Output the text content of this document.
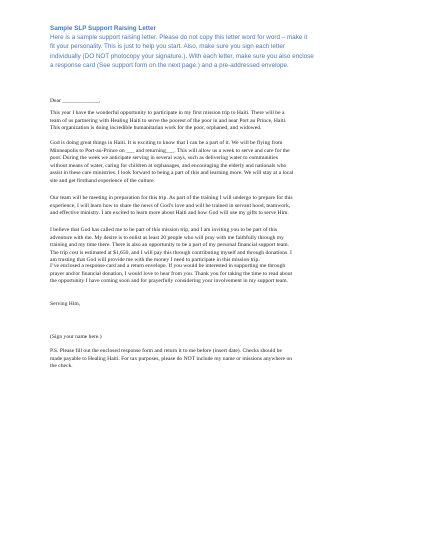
Sample SLP Support Raising Letter
Here is a sample support raising letter. Please do not copy this letter word for word – make it
fit your personality. This is just to help you start. Also, make sure you sign each letter
individually (DO NOT photocopy your signature.). With each letter, make sure you also enclose
a response card (See support form on the next page.) and a pre-addressed envelope.
Dear _____________,
This year I have the wonderful opportunity to participate in my first mission trip to Haiti. There will be a
team of us partnering with Healing Haiti to serve the poorest of the poor in and near Port au Prince, Haiti.
This organization is doing incredible humanitarian work for the poor, orphaned, and widowed.
God is doing great things in Haiti. It is exciting to know that I can be a part of it. We will be flying from
Minneapolis to Port-au-Prince on ___ and returning___. This will allow us a week to serve and care for the
poor. During the week we anticipate serving in several ways, such as delivering water to communities
without means of water, caring for children at orphanages, and encouraging the elderly and nationals who
assist in these care ministries. I look forward to being a part of this and learning more. We will stay at a local
site and get firsthand experience of the culture.
Our team will be meeting in preparation for this trip. As part of the training I will undergo to prepare for this
experience, I will learn how to share the news of God’s love and will be trained in servant hood, teamwork,
and effective ministry. I am excited to learn more about Haiti and how God will use my gifts to serve Him.
I believe that God has called me to be part of this mission trip, and I am inviting you to be part of this
adventure with me. My desire is to enlist as least 20 people who will pray with me faithfully through my
training and my time there. There is also an opportunity to be a part of my personal financial support team.
The trip cost is estimated at $1,650, and I will pay this through contributing myself and through donations. I
am trusting that God will provide me with the money I need to participate in this mission trip.
I’ve enclosed a response card and a return envelope. If you would be interested in supporting me through
prayer and/or financial donation, I would love to hear from you. Thank you for taking the time to read about
the opportunity I have coming soon and for prayerfully considering your involvement in my support team.
Serving Him,
(Sign your name here.)
P.S. Please fill out the enclosed response form and return it to me before (insert date). Checks should be
made payable to Healing Haiti. For tax purposes, please do NOT include my name or missions anywhere on
the check.
